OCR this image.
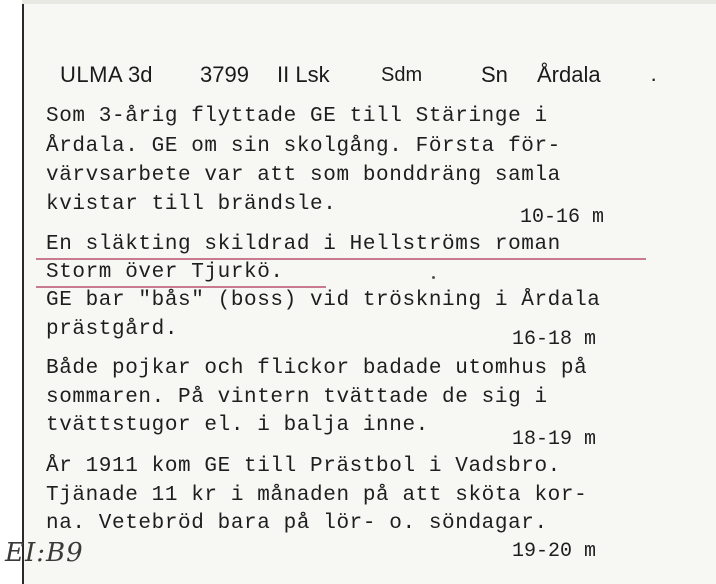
ULMA 3d 3799 II Lsk	Sdm	Sn Årdala ·
Som 3-årig flyttade GE till Stäringe i
Årdala. GE om sin skolgång. Första för-
värvsarbete var att som bonddräng samla
kvistar till brändsle.
10-16 m
En släkting skildrad i Hellströms roman
Storm över Tjurkö.
GE bar "bås" (boss) vid tröskning i Årdala
prästgård.	16-18 m
Både pojkar och flickor badade utomhus på
sommaren. På vintern tvättade de sig i
tvättstugor el. i balja inne.
18-19 m
År 1911 kom GE till Prästbol i Vadsbro.
Tjänade 11 kr i månaden på att sköta kor-
na. Vetebröd bara på lör- o. söndagar.
19-20 m
EI:B9
